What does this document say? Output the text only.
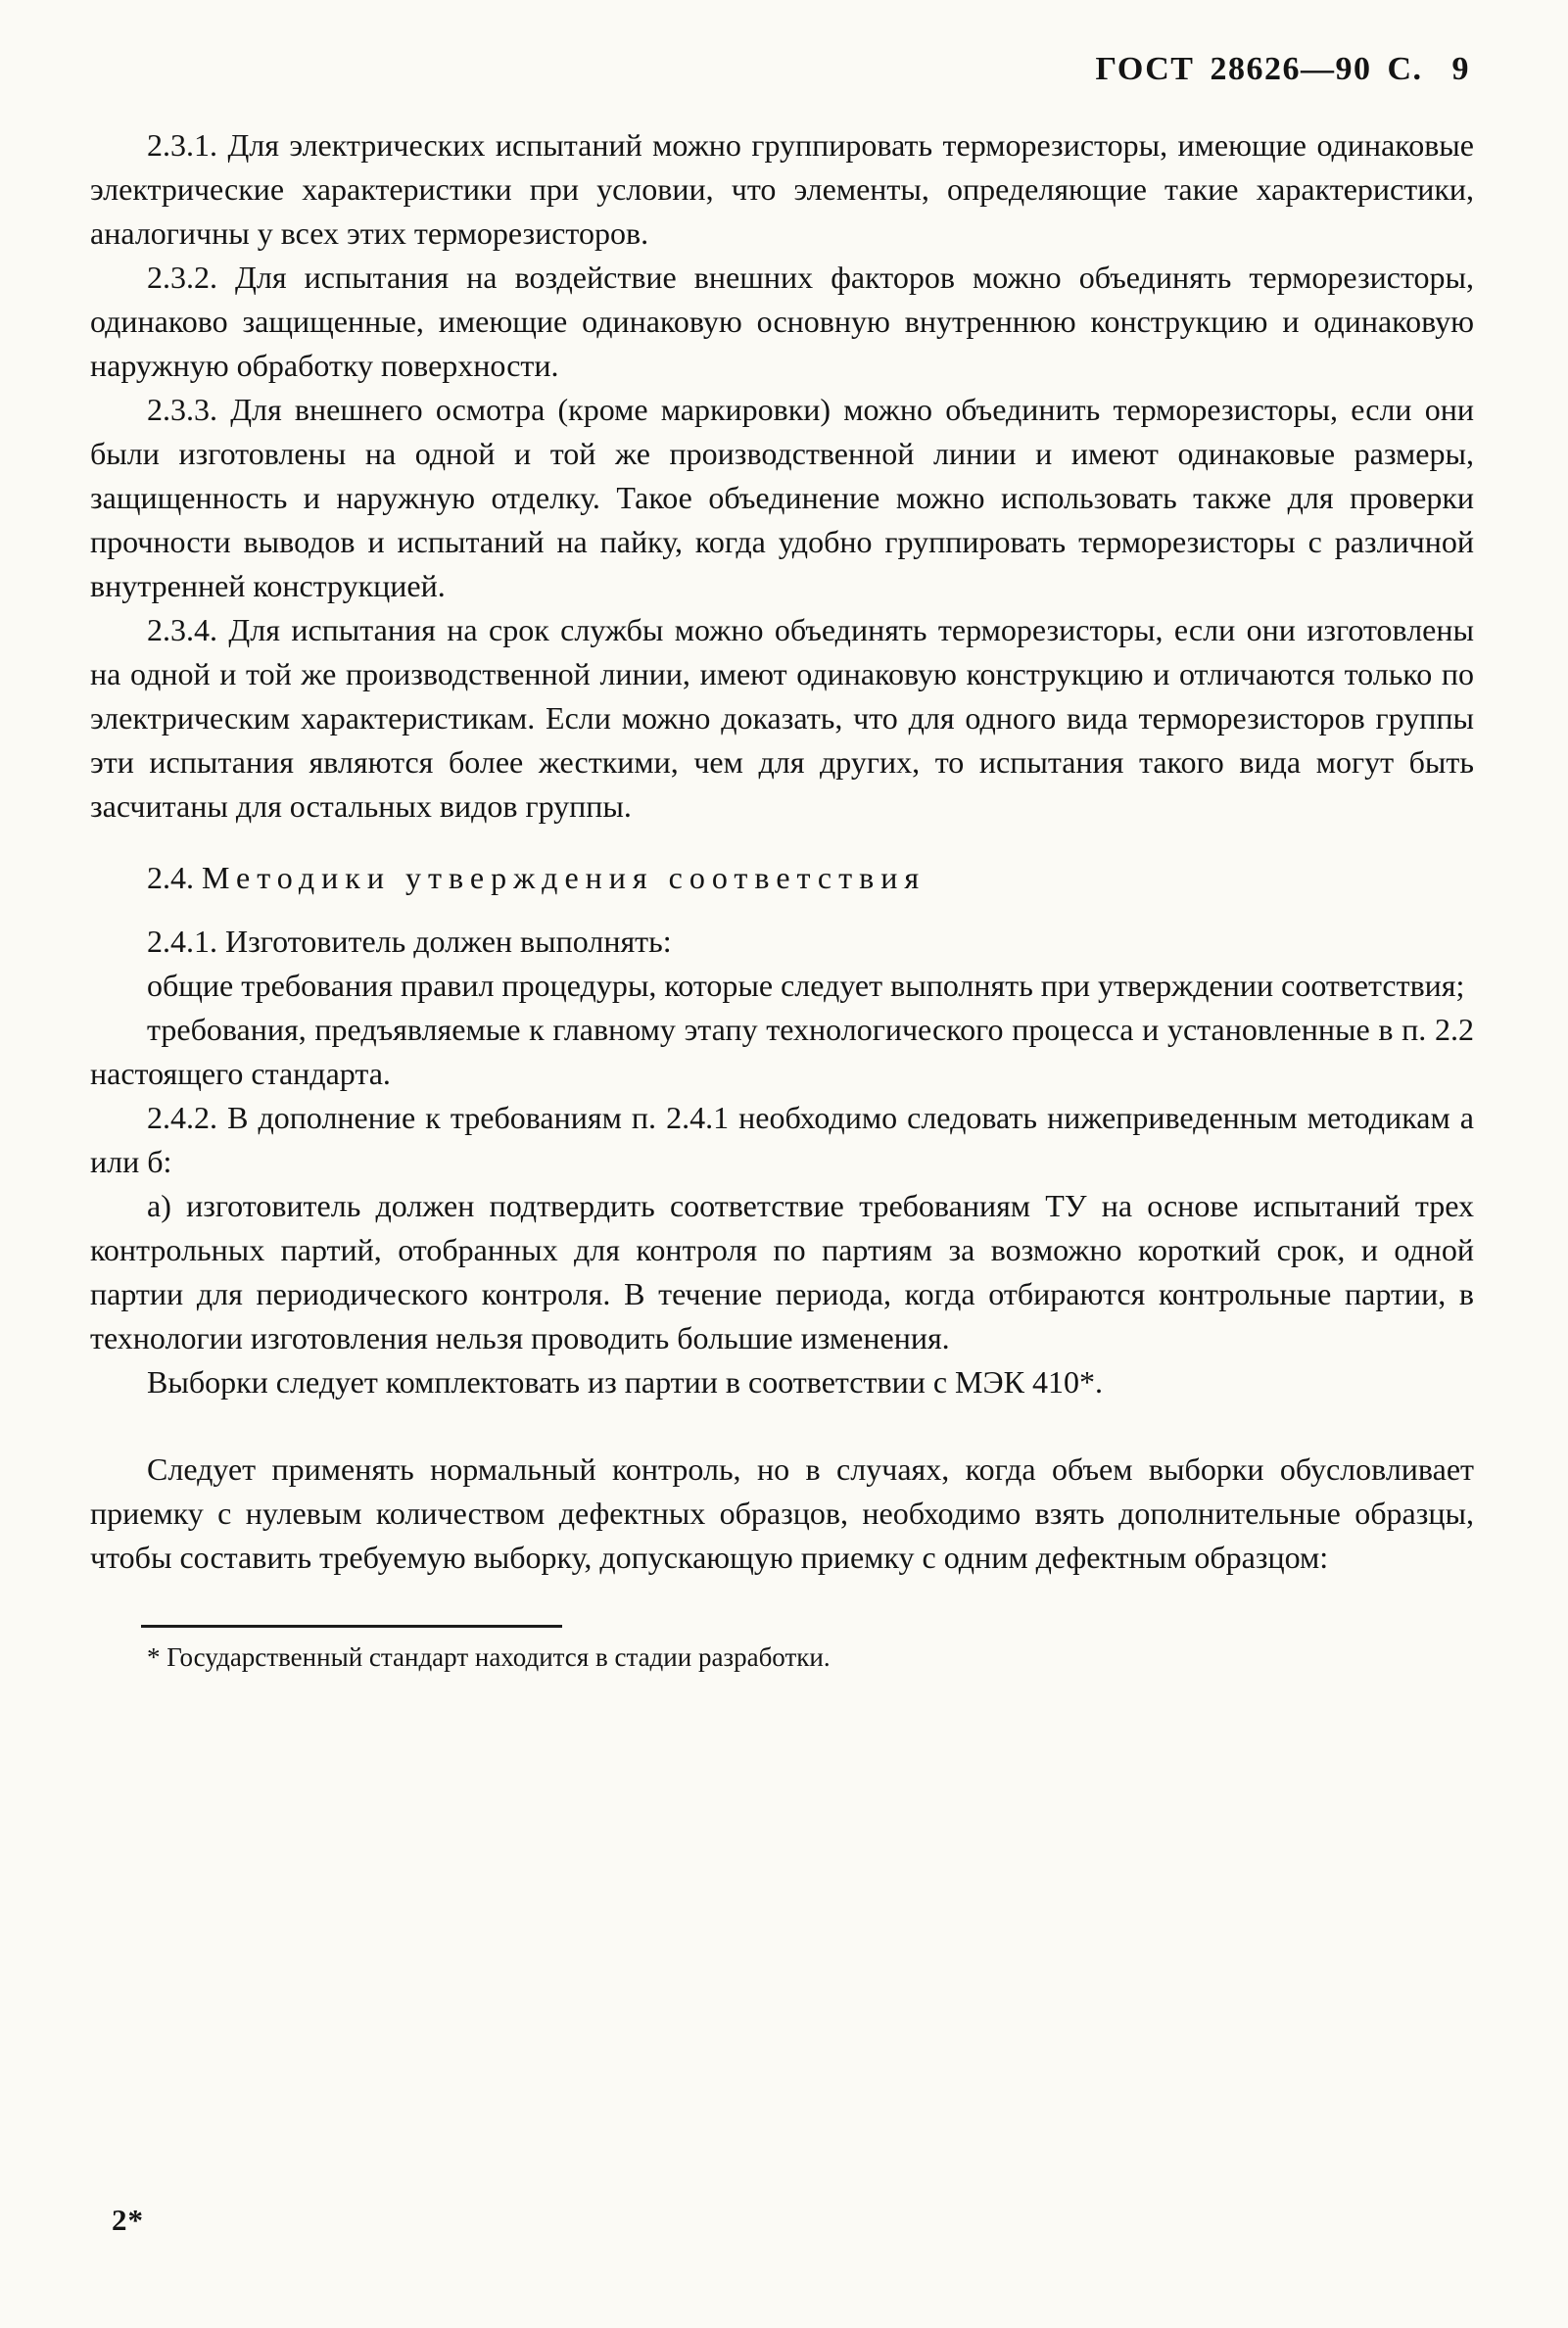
ГОСТ 28626—90 С. 9

2.3.1. Для электрических испытаний можно группировать терморезисторы, имеющие одинаковые электрические характеристики при условии, что элементы, определяющие такие характеристики, аналогичны у всех этих терморезисторов.

2.3.2. Для испытания на воздействие внешних факторов можно объединять терморезисторы, одинаково защищенные, имеющие одинаковую основную внутреннюю конструкцию и одинаковую наружную обработку поверхности.

2.3.3. Для внешнего осмотра (кроме маркировки) можно объединить терморезисторы, если они были изготовлены на одной и той же производственной линии и имеют одинаковые размеры, защищенность и наружную отделку. Такое объединение можно использовать также для проверки прочности выводов и испытаний на пайку, когда удобно группировать терморезисторы с различной внутренней конструкцией.

2.3.4. Для испытания на срок службы можно объединять терморезисторы, если они изготовлены на одной и той же производственной линии, имеют одинаковую конструкцию и отличаются только по электрическим характеристикам. Если можно доказать, что для одного вида терморезисторов группы эти испытания являются более жесткими, чем для других, то испытания такого вида могут быть засчитаны для остальных видов группы.

2.4. Методики утверждения соответствия

2.4.1. Изготовитель должен выполнять:

общие требования правил процедуры, которые следует выполнять при утверждении соответствия;

требования, предъявляемые к главному этапу технологического процесса и установленные в п. 2.2 настоящего стандарта.

2.4.2. В дополнение к требованиям п. 2.4.1 необходимо следовать нижеприведенным методикам а или б:

а) изготовитель должен подтвердить соответствие требованиям ТУ на основе испытаний трех контрольных партий, отобранных для контроля по партиям за возможно короткий срок, и одной партии для периодического контроля. В течение периода, когда отбираются контрольные партии, в технологии изготовления нельзя проводить большие изменения.

Выборки следует комплектовать из партии в соответствии с МЭК 410*.

Следует применять нормальный контроль, но в случаях, когда объем выборки обусловливает приемку с нулевым количеством дефектных образцов, необходимо взять дополнительные образцы, чтобы составить требуемую выборку, допускающую приемку с одним дефектным образцом:

* Государственный стандарт находится в стадии разработки.

2*
